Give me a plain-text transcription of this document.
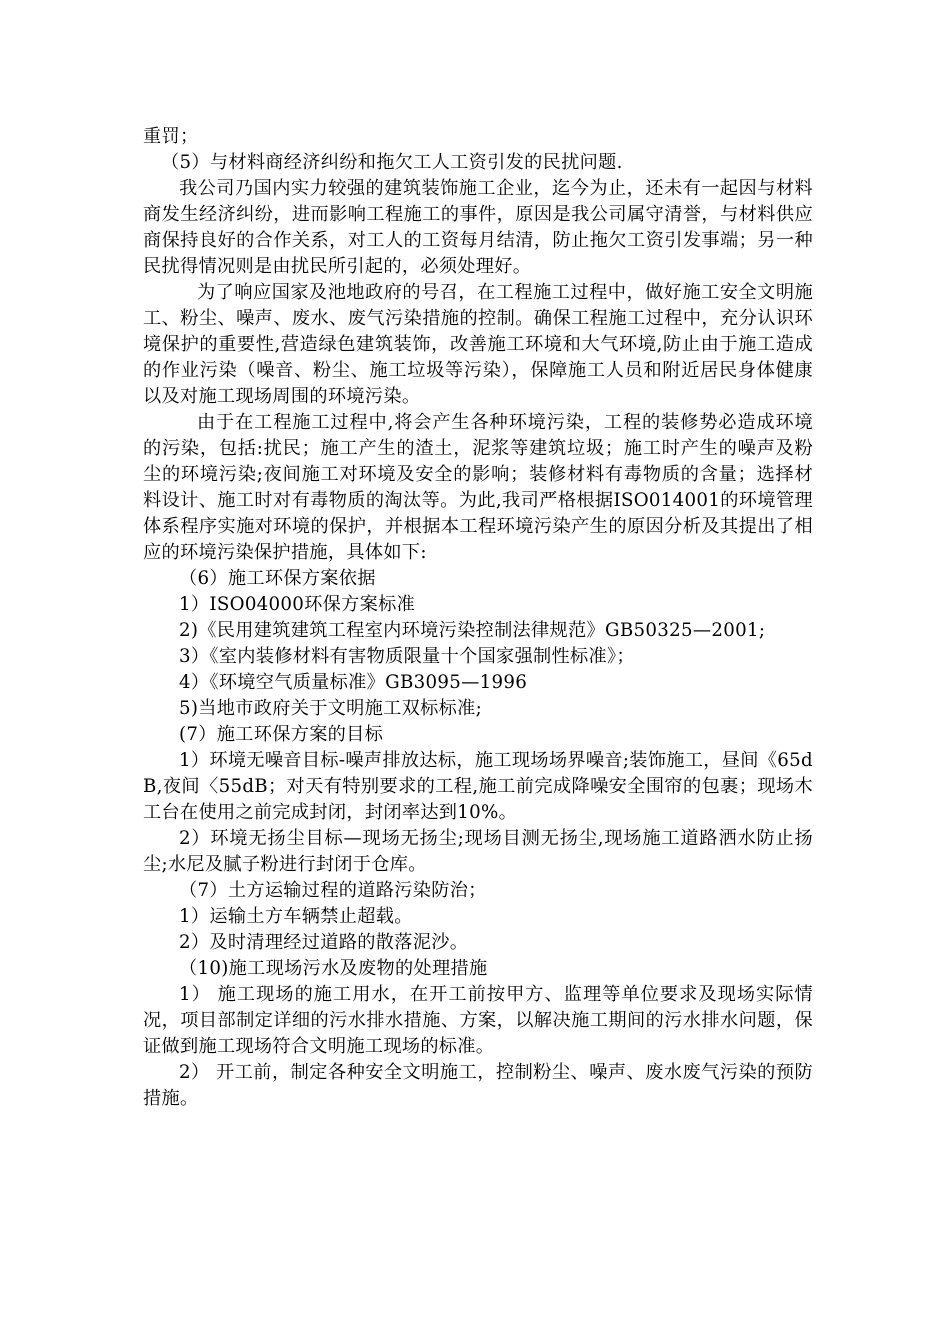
重罚；

（5）与材料商经济纠纷和拖欠工人工资引发的民扰问题.

我公司乃国内实力较强的建筑装饰施工企业，迄今为止，还未有一起因与材料商发生经济纠纷，进而影响工程施工的事件，原因是我公司属守清誉，与材料供应商保持良好的合作关系，对工人的工资每月结清，防止拖欠工资引发事端；另一种民扰得情况则是由扰民所引起的，必须处理好。

为了响应国家及池地政府的号召，在工程施工过程中，做好施工安全文明施工、粉尘、噪声、废水、废气污染措施的控制。确保工程施工过程中，充分认识环境保护的重要性,营造绿色建筑装饰，改善施工环境和大气环境,防止由于施工造成的作业污染（噪音、粉尘、施工垃圾等污染），保障施工人员和附近居民身体健康以及对施工现场周围的环境污染。

由于在工程施工过程中,将会产生各种环境污染，工程的装修势必造成环境的污染，包括:扰民；施工产生的渣土，泥浆等建筑垃圾；施工时产生的噪声及粉尘的环境污染;夜间施工对环境及安全的影响；装修材料有毒物质的含量；选择材料设计、施工时对有毒物质的淘汰等。为此,我司严格根据ISO014001的环境管理体系程序实施对环境的保护，并根据本工程环境污染产生的原因分析及其提出了相应的环境污染保护措施，具体如下:

（6）施工环保方案依据

1）ISO04000环保方案标准

2)《民用建筑建筑工程室内环境污染控制法律规范》GB50325—2001;

3）《室内装修材料有害物质限量十个国家强制性标准》；

4）《环境空气质量标准》GB3095—1996

5)当地市政府关于文明施工双标标准;

(7）施工环保方案的目标

1）环境无噪音目标-噪声排放达标，施工现场场界噪音;装饰施工，昼间《65dB,夜间〈55dB；对天有特别要求的工程,施工前完成降噪安全围帘的包裹；现场木工台在使用之前完成封闭，封闭率达到10%。

2）环境无扬尘目标—现场无扬尘;现场目测无扬尘,现场施工道路洒水防止扬尘;水尼及腻子粉进行封闭于仓库。

（7）土方运输过程的道路污染防治；

1）运输土方车辆禁止超载。

2）及时清理经过道路的散落泥沙。

（10)施工现场污水及废物的处理措施

1） 施工现场的施工用水，在开工前按甲方、监理等单位要求及现场实际情况，项目部制定详细的污水排水措施、方案，以解决施工期间的污水排水问题，保证做到施工现场符合文明施工现场的标准。

2） 开工前，制定各种安全文明施工，控制粉尘、噪声、废水废气污染的预防措施。
